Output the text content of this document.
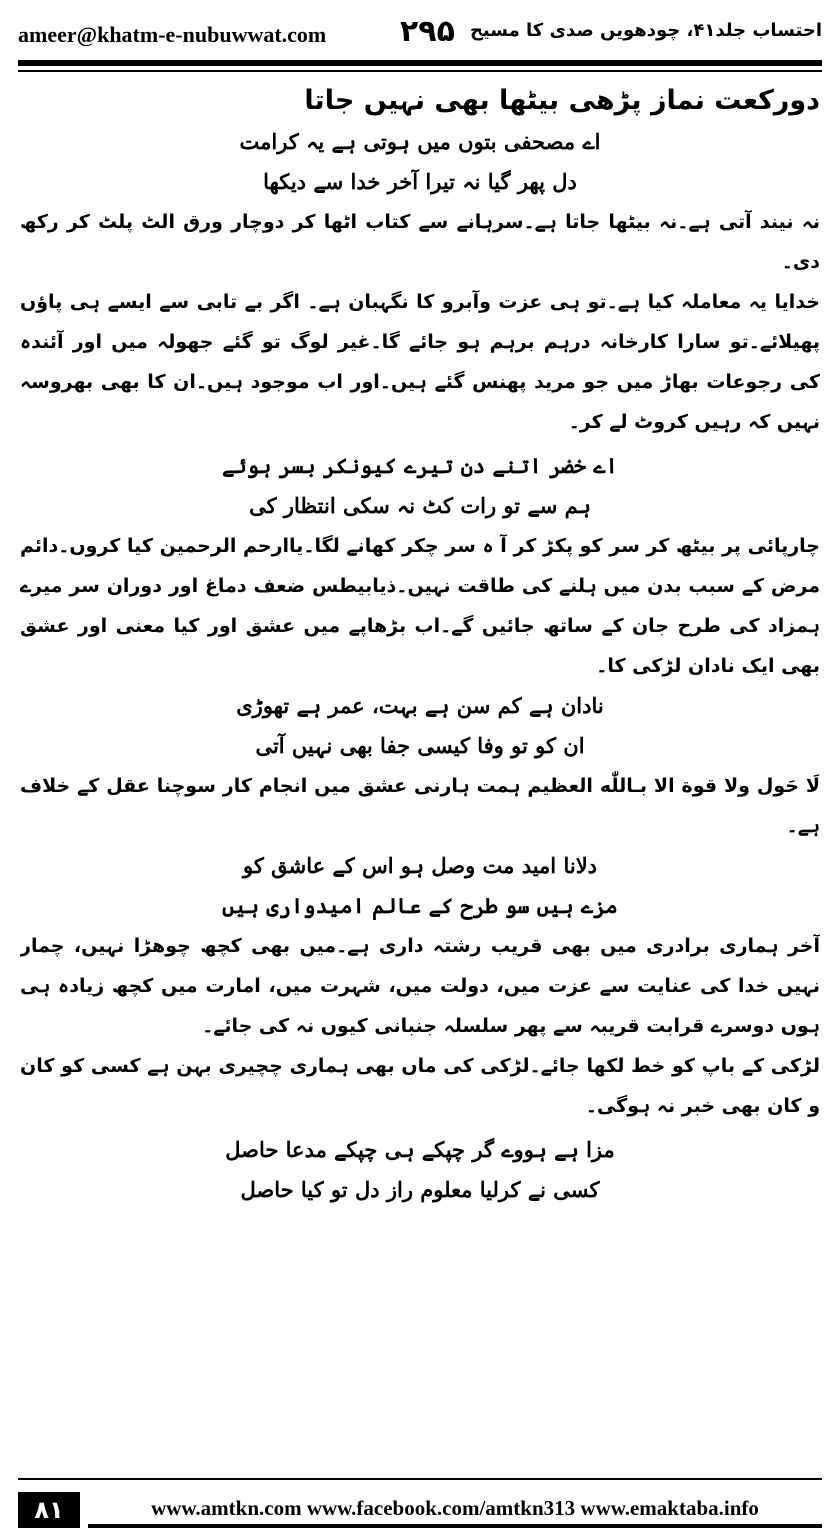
ameer@khatm-e-nubuwwat.com ۲۹۵ احتساب جلد۴۱، چودھویں صدی کا مسیح

دورکعت نماز پڑھی بیٹھا بھی نہیں جاتا

اے مصحفی بتوں میں ہوتی ہے یہ کرامت

دل پھر گیا نہ تیرا آخر خدا سے دیکھا

نہ نیند آتی ہے۔نہ بیٹھا جاتا ہے۔سرہانے سے کتاب اٹھا کر دوچار ورق الٹ پلٹ کر رکھ دی۔

خدایا یہ معاملہ کیا ہے۔تو ہی عزت وآبرو کا نگہبان ہے۔ اگر بے تابی سے ایسے ہی پاؤں پھیلائے۔تو سارا کارخانہ درہم برہم ہو جائے گا۔غیر لوگ تو گئے جھولہ میں اور آئندہ کی رجوعات بھاڑ میں جو مرید پھنس گئے ہیں۔اور اب موجود ہیں۔ان کا بھی بھروسہ نہیں کہ رہیں کروٹ لے کر۔

اے خضر اتنے دن تیرے کیونکر بسر ہوئے

ہم سے تو رات کٹ نہ سکی انتظار کی

چارپائی پر بیٹھ کر سر کو پکڑ کر آ ہ سر چکر کھانے لگا۔یاارحم الرحمین کیا کروں۔دائم مرض کے سبب بدن میں ہلنے کی طاقت نہیں۔ذیابیطس ضعف دماغ اور دوران سر میرے ہمزاد کی طرح جان کے ساتھ جائیں گے۔اب بڑھاپے میں عشق اور کیا معنی اور عشق بھی ایک نادان لڑکی کا۔

نادان ہے کم سن ہے بہت، عمر ہے تھوڑی

ان کو تو وفا کیسی جفا بھی نہیں آتی

لَا حَول ولا قوة الا بـاللّٰه العظيم ہمت ہارنی عشق میں انجام کار سوچنا عقل کے خلاف ہے۔

دلانا امید مت وصل ہو اس کے عاشق کو

مزے ہیں سو طرح کے عالم امیدواری ہیں

آخر ہماری برادری میں بھی قریب رشتہ داری ہے۔میں بھی کچھ چوھڑا نہیں، چمار نہیں خدا کی عنایت سے عزت میں، دولت میں، شہرت میں، امارت میں کچھ زیادہ ہی ہوں دوسرے قرابت قریبہ سے پھر سلسلہ جنبانی کیوں نہ کی جائے۔

لڑکی کے باپ کو خط لکھا جائے۔لڑکی کی ماں بھی ہماری چچیری بہن ہے کسی کو کان و کان بھی خبر نہ ہوگی۔

مزا ہے ہووے گر چپکے ہی چپکے مدعا حاصل

کسی نے کرلیا معلوم راز دل تو کیا حاصل

۸۱	www.amtkn.com www.facebook.com/amtkn313 www.emaktaba.info
